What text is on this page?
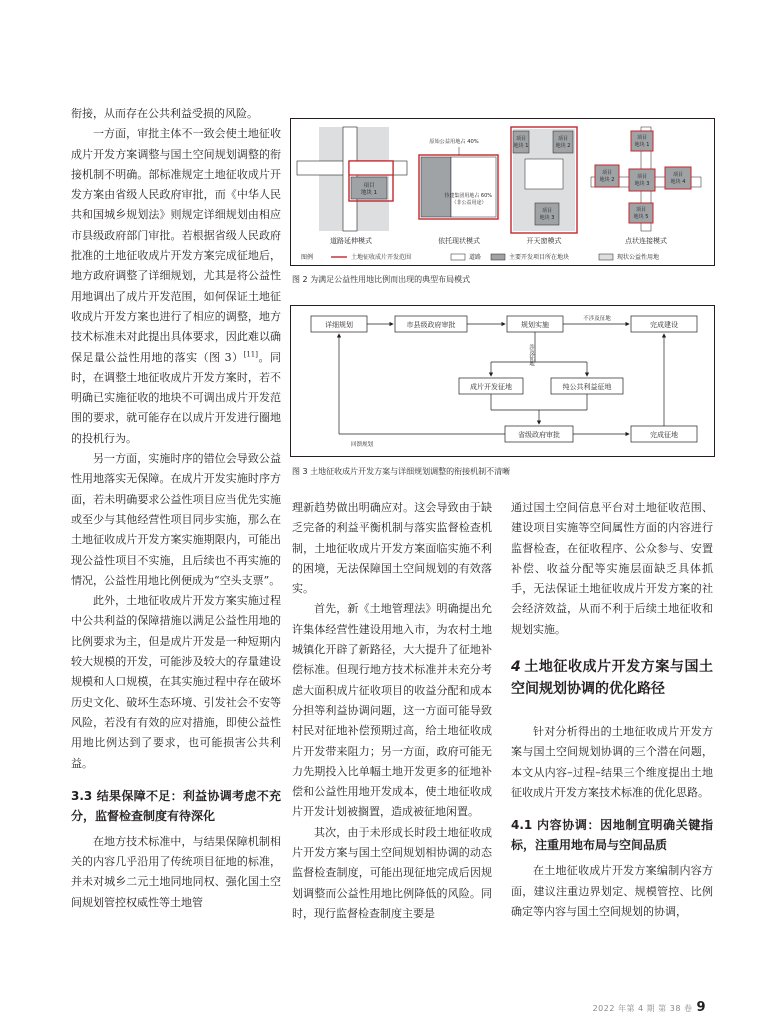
衔接，从而存在公共利益受损的风险。

一方面，审批主体不一致会使土地征收成片开发方案调整与国土空间规划调整的衔接机制不明确。部标准规定土地征收成片开发方案由省级人民政府审批，而《中华人民共和国城乡规划法》则规定详细规划由相应市县级政府部门审批。若根据省级人民政府批准的土地征收成片开发方案完成征地后，地方政府调整了详细规划，尤其是将公益性用地调出了成片开发范围，如何保证土地征收成片开发方案也进行了相应的调整，地方技术标准未对此提出具体要求，因此难以确保足量公益性用地的落实（图 3）[11]。同时，在调整土地征收成片开发方案时，若不明确已实施征收的地块不可调出成片开发范围的要求，就可能存在以成片开发进行圈地的投机行为。

另一方面，实施时序的错位会导致公益性用地落实无保障。在成片开发实施时序方面，若未明确要求公益性项目应当优先实施或至少与其他经营性项目同步实施，那么在土地征收成片开发方案实施期限内，可能出现公益性项目不实施，且后续也不再实施的情况，公益性用地比例便成为“空头支票”。

此外，土地征收成片开发方案实施过程中公共利益的保障措施以满足公益性用地的比例要求为主，但是成片开发是一种短期内较大规模的开发，可能涉及较大的存量建设规模和人口规模，在其实施过程中存在破坏历史文化、破坏生态环境、引发社会不安等风险，若没有有效的应对措施，即使公益性用地比例达到了要求，也可能损害公共利益。

3.3 结果保障不足：利益协调考虑不充分，监督检查制度有待深化

在地方技术标准中，与结果保障机制相关的内容几乎沿用了传统项目征地的标准，并未对城乡二元土地同地同权、强化国土空间规划管控权威性等土地管

项目
地块 1
道路延伸模式
原始公益用地占 40%
待建集团用地占 60% （非公益用途）
依托现状模式
项目
地块 1
项目
地块 2
项目
地块 3
开天窗模式
项目
地块 1
项目
地块 2	项目
地块 3
项目
地块 4
项目
地块 5
点状连接模式
图例	土地征收成片开发范围	道路	主要开发项目所在地块	现状公益性用地
图 2 为满足公益性用地比例而出现的典型布局模式
详细规划	市县级政府审批	规划实施	完成建设
成片开发征地	纯公共利益征地
省级政府审批	完成征地
不涉及征地
涉及征地
回馈规划
图 3 土地征收成片开发方案与详细规划调整的衔接机制不清晰

理新趋势做出明确应对。这会导致由于缺乏完备的利益平衡机制与落实监督检查机制，土地征收成片开发方案面临实施不利的困境，无法保障国土空间规划的有效落实。

首先，新《土地管理法》明确提出允许集体经营性建设用地入市，为农村土地城镇化开辟了新路径，大大提升了征地补偿标准。但现行地方技术标准并未充分考虑大面积成片征收项目的收益分配和成本分担等利益协调问题，这一方面可能导致村民对征地补偿预期过高，给土地征收成片开发带来阻力；另一方面，政府可能无力先期投入比单幅土地开发更多的征地补偿和公益性用地开发成本，使土地征收成片开发计划被搁置，造成被征地闲置。

其次，由于未形成长时段土地征收成片开发方案与国土空间规划相协调的动态监督检查制度，可能出现征地完成后因规划调整而公益性用地比例降低的风险。同时，现行监督检查制度主要是

通过国土空间信息平台对土地征收范围、建设项目实施等空间属性方面的内容进行监督检查，在征收程序、公众参与、安置补偿、收益分配等实施层面缺乏具体抓手，无法保证土地征收成片开发方案的社会经济效益，从而不利于后续土地征收和规划实施。

4 土地征收成片开发方案与国土空间规划协调的优化路径

针对分析得出的土地征收成片开发方案与国土空间规划协调的三个潜在问题，本文从内容–过程–结果三个维度提出土地征收成片开发方案技术标准的优化思路。

4.1 内容协调：因地制宜明确关键指标，注重用地布局与空间品质

在土地征收成片开发方案编制内容方面，建议注重边界划定、规模管控、比例确定等内容与国土空间规划的协调，

2022 年第 4 期 第 38 卷 9
